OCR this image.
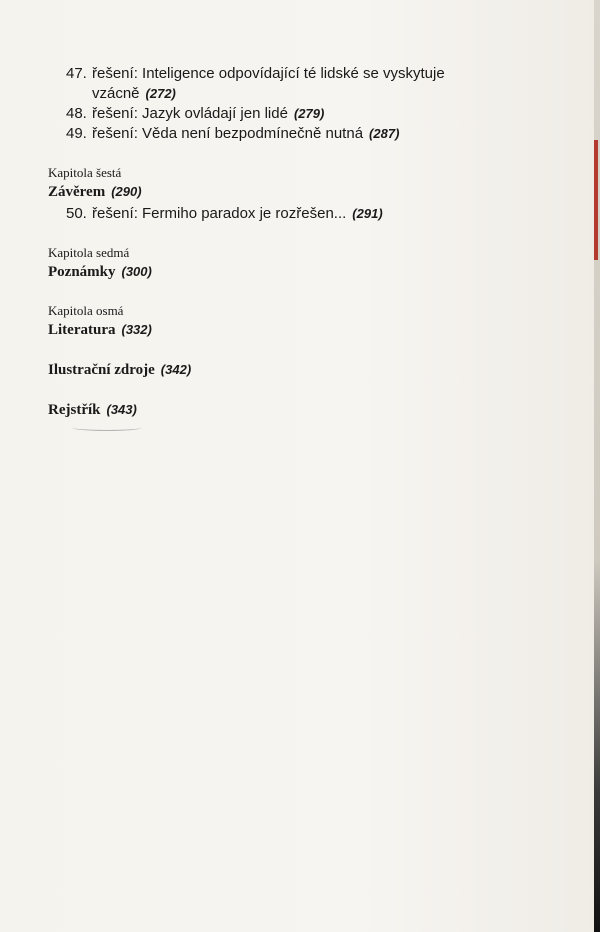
47. řešení: Inteligence odpovídající té lidské se vyskytuje
vzácně (272)
48. řešení: Jazyk ovládají jen lidé (279)
49. řešení: Věda není bezpodmínečně nutná (287)
Kapitola šestá
Závěrem (290)
50. řešení: Fermiho paradox je rozřešen... (291)
Kapitola sedmá
Poznámky (300)
Kapitola osmá
Literatura (332)
Ilustrační zdroje (342)
Rejstřík (343)
